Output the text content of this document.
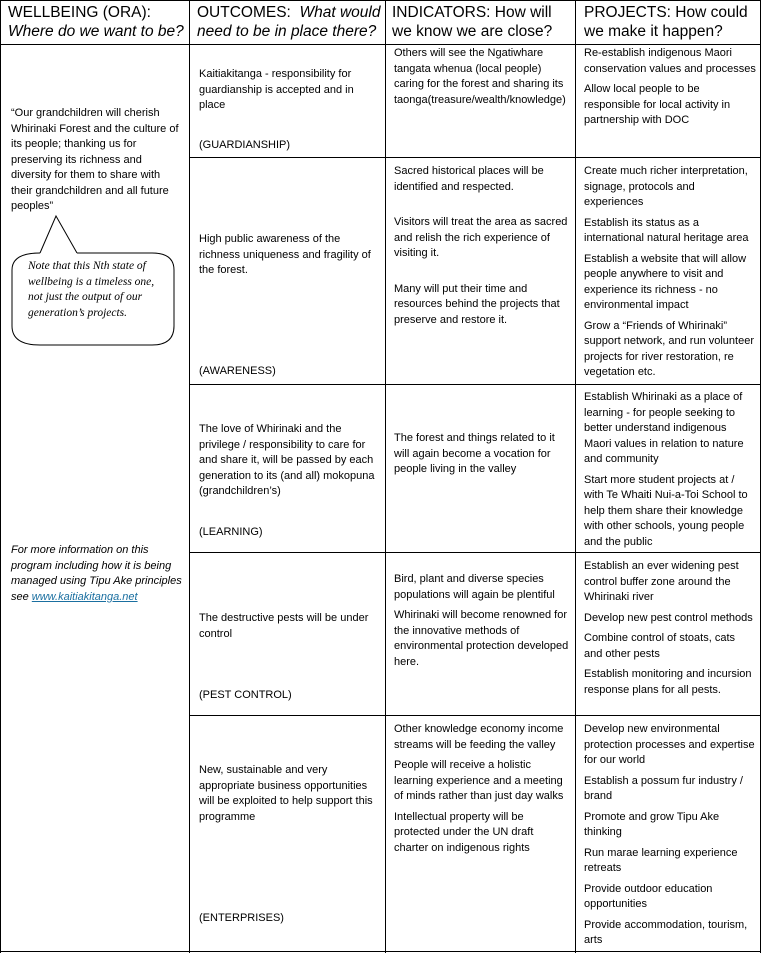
WELLBEING (ORA):
Where do we want to be?
OUTCOMES: What would
need to be in place there?
INDICATORS: How will
we know we are close?
PROJECTS: How could
we make it happen?
“Our grandchildren will cherish Whirinaki Forest and the culture of its people; thanking us for preserving its richness and diversity for them to share with their grandchildren and all future peoples”
Note that this Nth state of wellbeing is a timeless one, not just the output of our generation’s projects.
For more information on this program including how it is being managed using Tipu Ake principles see www.kaitiakitanga.net
Kaitiakitanga - responsibility for guardianship is accepted and in place
(GUARDIANSHIP)

Others will see the Ngatiwhare tangata whenua (local people) caring for the forest and sharing its taonga(treasure/wealth/knowledge)

Re-establish indigenous Maori conservation values and processes

Allow local people to be responsible for local activity in partnership with DOC

High public awareness of the richness uniqueness and fragility of the forest.
(AWARENESS)

Sacred historical places will be identified and respected.

Visitors will treat the area as sacred and relish the rich experience of visiting it.

Many will put their time and resources behind the projects that preserve and restore it.

Create much richer interpretation, signage, protocols and experiences

Establish its status as a international natural heritage area

Establish a website that will allow people anywhere to visit and experience its richness - no environmental impact

Grow a “Friends of Whirinaki” support network, and run volunteer projects for river restoration, re vegetation etc.

The love of Whirinaki and the privilege / responsibility to care for and share it, will be passed by each generation to its (and all) mokopuna (grandchildren’s)
(LEARNING)

The forest and things related to it will again become a vocation for people living in the valley

Establish Whirinaki as a place of learning - for people seeking to better understand indigenous Maori values in relation to nature and community

Start more student projects at / with Te Whaiti Nui-a-Toi School to help them share their knowledge with other schools, young people and the public

The destructive pests will be under control
(PEST CONTROL)

Bird, plant and diverse species populations will again be plentiful

Whirinaki will become renowned for the innovative methods of environmental protection developed here.

Establish an ever widening pest control buffer zone around the Whirinaki river

Develop new pest control methods

Combine control of stoats, cats and other pests

Establish monitoring and incursion response plans for all pests.

New, sustainable and very appropriate business opportunities will be exploited to help support this programme
(ENTERPRISES)

Other knowledge economy income streams will be feeding the valley

People will receive a holistic learning experience and a meeting of minds rather than just day walks

Intellectual property will be protected under the UN draft charter on indigenous rights

Develop new environmental protection processes and expertise for our world

Establish a possum fur industry / brand

Promote and grow Tipu Ake thinking

Run marae learning experience retreats

Provide outdoor education opportunities

Provide accommodation, tourism, arts
